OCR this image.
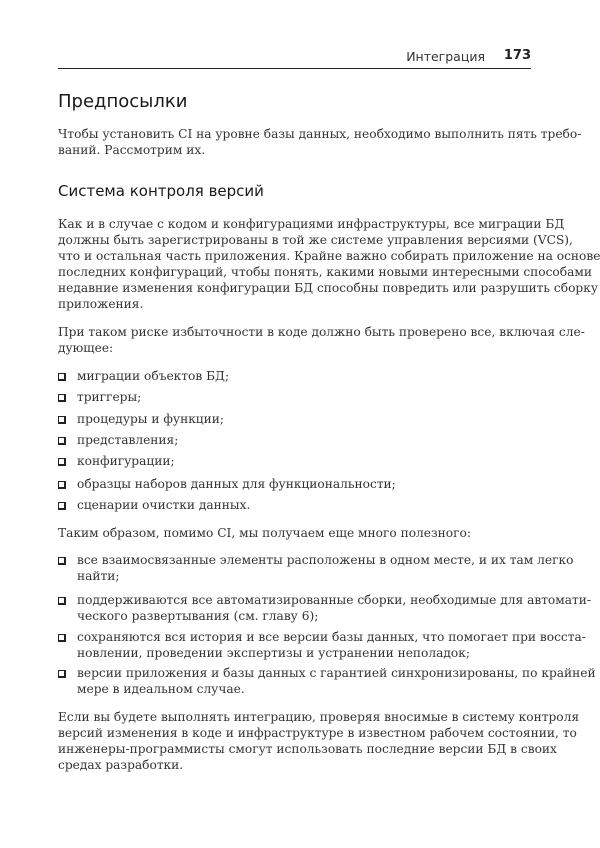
Интеграция 173
Предпосылки
Система контроля версий
Чтобы установить CI на уровне базы данных, необходимо выполнить пять требо-
ваний. Рассмотрим их.
Как и в случае с кодом и конфигурациями инфраструктуры, все миграции БД
должны быть зарегистрированы в той же системе управления версиями (VCS),
что и остальная часть приложения. Крайне важно собирать приложение на основе
последних конфигураций, чтобы понять, какими новыми интересными способами
недавние изменения конфигурации БД способны повредить или разрушить сборку
приложения.
При таком риске избыточности в коде должно быть проверено все, включая сле-
дующее:
миграции объектов БД;
триггеры;
процедуры и функции;
представления;
конфигурации;
образцы наборов данных для функциональности;
сценарии очистки данных.
Таким образом, помимо CI, мы получаем еще много полезного:
все взаимосвязанные элементы расположены в одном месте, и их там легко
найти;
поддерживаются все автоматизированные сборки, необходимые для автомати-
ческого развертывания (см. главу 6);
сохраняются вся история и все версии базы данных, что помогает при восста-
новлении, проведении экспертизы и устранении неполадок;
версии приложения и базы данных с гарантией синхронизированы, по крайней
мере в идеальном случае.
Если вы будете выполнять интеграцию, проверяя вносимые в систему контроля
версий изменения в коде и инфраструктуре в известном рабочем состоянии, то
инженеры-программисты смогут использовать последние версии БД в своих
средах разработки.
